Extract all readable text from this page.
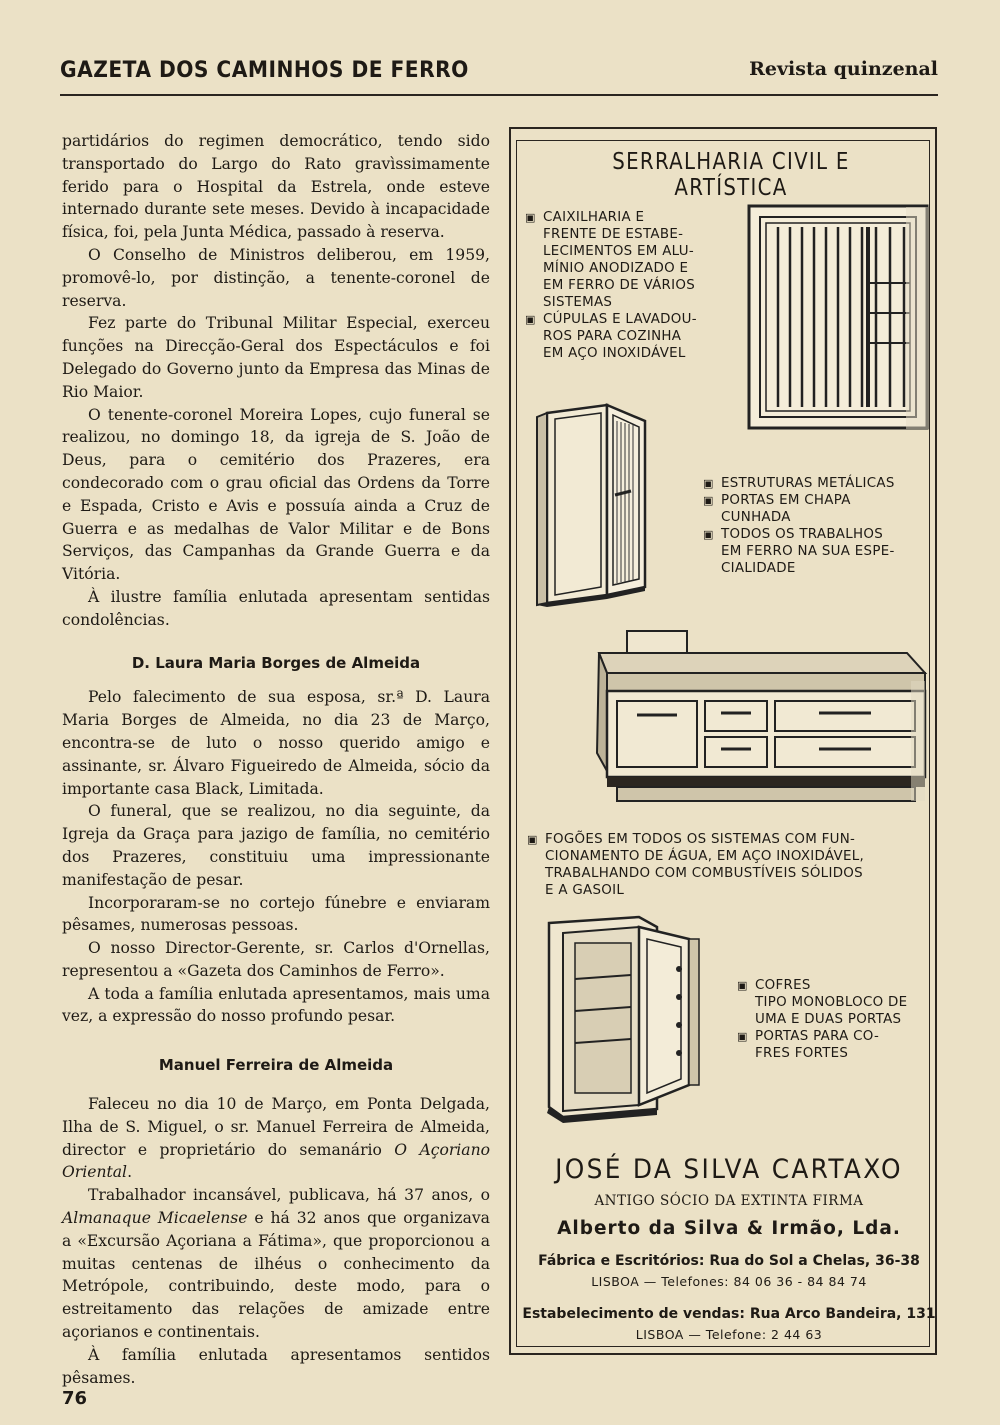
GAZETA DOS CAMINHOS DE FERRO	Revista quinzenal

partidários do regimen democrático, tendo sido transportado do Largo do Rato gravìssimamente ferido para o Hospital da Estrela, onde esteve internado durante sete meses. Devido à incapacidade física, foi, pela Junta Médica, passado à reserva.

O Conselho de Ministros deliberou, em 1959, promovê-lo, por distinção, a tenente-coronel de reserva.

Fez parte do Tribunal Militar Especial, exerceu funções na Direcção-Geral dos Espectáculos e foi Delegado do Governo junto da Empresa das Minas de Rio Maior.

O tenente-coronel Moreira Lopes, cujo funeral se realizou, no domingo 18, da igreja de S. João de Deus, para o cemitério dos Prazeres, era condecorado com o grau oficial das Ordens da Torre e Espada, Cristo e Avis e possuía ainda a Cruz de Guerra e as medalhas de Valor Militar e de Bons Serviços, das Campanhas da Grande Guerra e da Vitória.

À ilustre família enlutada apresentam sentidas condolências.

D. Laura Maria Borges de Almeida

Pelo falecimento de sua esposa, sr.ª D. Laura Maria Borges de Almeida, no dia 23 de Março, encontra-se de luto o nosso querido amigo e assinante, sr. Álvaro Figueiredo de Almeida, sócio da importante casa Black, Limitada.

O funeral, que se realizou, no dia seguinte, da Igreja da Graça para jazigo de família, no cemitério dos Prazeres, constituiu uma impressionante manifestação de pesar.

Incorporaram-se no cortejo fúnebre e enviaram pêsames, numerosas pessoas.

O nosso Director-Gerente, sr. Carlos d'Ornellas, representou a «Gazeta dos Caminhos de Ferro».

A toda a família enlutada apresentamos, mais uma vez, a expressão do nosso profundo pesar.

Manuel Ferreira de Almeida

Faleceu no dia 10 de Março, em Ponta Delgada, Ilha de S. Miguel, o sr. Manuel Ferreira de Almeida, director e proprietário do semanário O Açoriano Oriental.

Trabalhador incansável, publicava, há 37 anos, o Almanaque Micaelense e há 32 anos que organizava a «Excursão Açoriana a Fátima», que proporcionou a muitas centenas de ilhéus o conhecimento da Metrópole, contribuindo, deste modo, para o estreitamento das relações de amizade entre açorianos e continentais.

À família enlutada apresentamos sentidos pêsames.

76
SERRALHARIA CIVIL E ARTÍSTICA
▣ CAIXILHARIA E
FRENTE DE ESTABE-
LECIMENTOS EM ALU-
MÍNIO ANODIZADO E
EM FERRO DE VÁRIOS
SISTEMAS
▣ CÚPULAS E LAVADOU-
ROS PARA COZINHA
EM AÇO INOXIDÁVEL
▣ ESTRUTURAS METÁLICAS
▣ PORTAS EM CHAPA
CUNHADA
▣ TODOS OS TRABALHOS
EM FERRO NA SUA ESPE-
CIALIDADE
▣ FOGÕES EM TODOS OS SISTEMAS COM FUN-
CIONAMENTO DE ÁGUA, EM AÇO INOXIDÁVEL,
TRABALHANDO COM COMBUSTÍVEIS SÓLIDOS
E A GASOIL
▣ COFRES
TIPO MONOBLOCO DE
UMA E DUAS PORTAS
▣ PORTAS PARA CO-
FRES FORTES
JOSÉ DA SILVA CARTAXO
ANTIGO SÓCIO DA EXTINTA FIRMA
Alberto da Silva & Irmão, Lda.
Fábrica e Escritórios: Rua do Sol a Chelas, 36-38
LISBOA — Telefones: 84 06 36 - 84 84 74
Estabelecimento de vendas: Rua Arco Bandeira, 131
LISBOA — Telefone: 2 44 63
